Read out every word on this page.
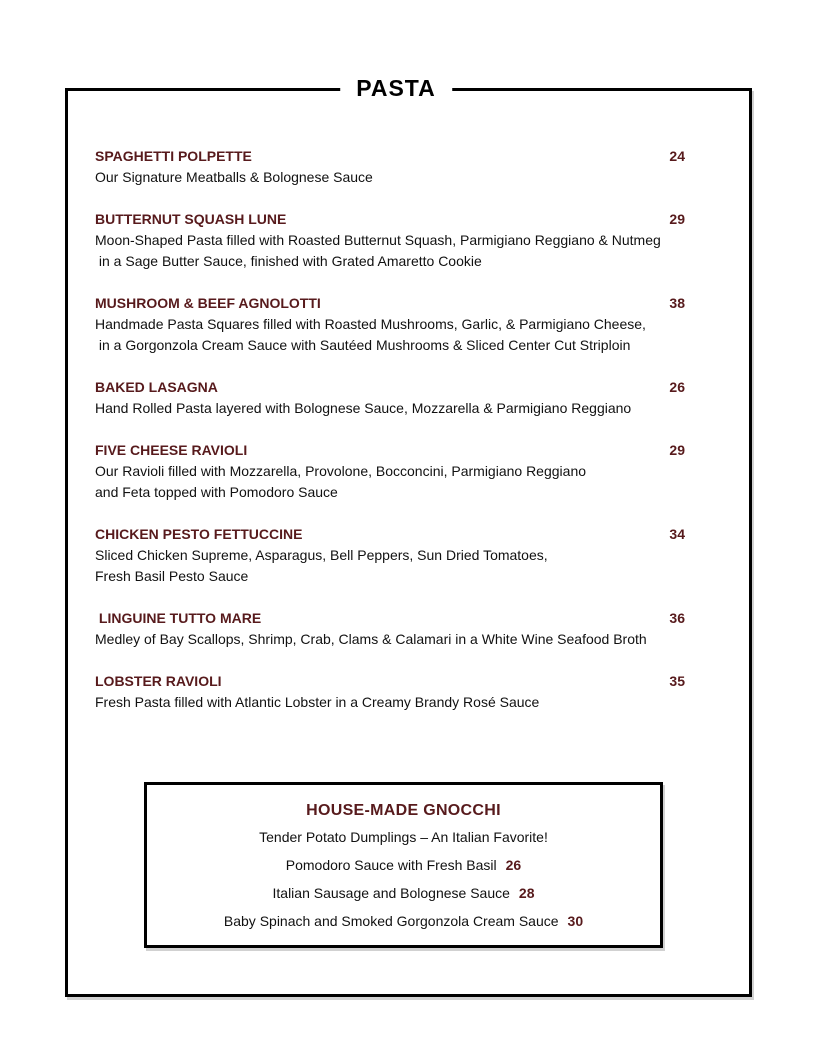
PASTA
SPAGHETTI POLPETTE	24
Our Signature Meatballs & Bolognese Sauce
BUTTERNUT SQUASH LUNE	29
Moon-Shaped Pasta filled with Roasted Butternut Squash, Parmigiano Reggiano & Nutmeg
in a Sage Butter Sauce, finished with Grated Amaretto Cookie
MUSHROOM & BEEF AGNOLOTTI	38
Handmade Pasta Squares filled with Roasted Mushrooms, Garlic, & Parmigiano Cheese,
in a Gorgonzola Cream Sauce with Sautéed Mushrooms & Sliced Center Cut Striploin
BAKED LASAGNA	26
Hand Rolled Pasta layered with Bolognese Sauce, Mozzarella & Parmigiano Reggiano
FIVE CHEESE RAVIOLI	29
Our Ravioli filled with Mozzarella, Provolone, Bocconcini, Parmigiano Reggiano
and Feta topped with Pomodoro Sauce
CHICKEN PESTO FETTUCCINE	34
Sliced Chicken Supreme, Asparagus, Bell Peppers, Sun Dried Tomatoes,
Fresh Basil Pesto Sauce
LINGUINE TUTTO MARE	36
Medley of Bay Scallops, Shrimp, Crab, Clams & Calamari in a White Wine Seafood Broth
LOBSTER RAVIOLI	35
Fresh Pasta filled with Atlantic Lobster in a Creamy Brandy Rosé Sauce
HOUSE-MADE GNOCCHI
Tender Potato Dumplings – An Italian Favorite!
Pomodoro Sauce with Fresh Basil 26
Italian Sausage and Bolognese Sauce 28
Baby Spinach and Smoked Gorgonzola Cream Sauce 30
